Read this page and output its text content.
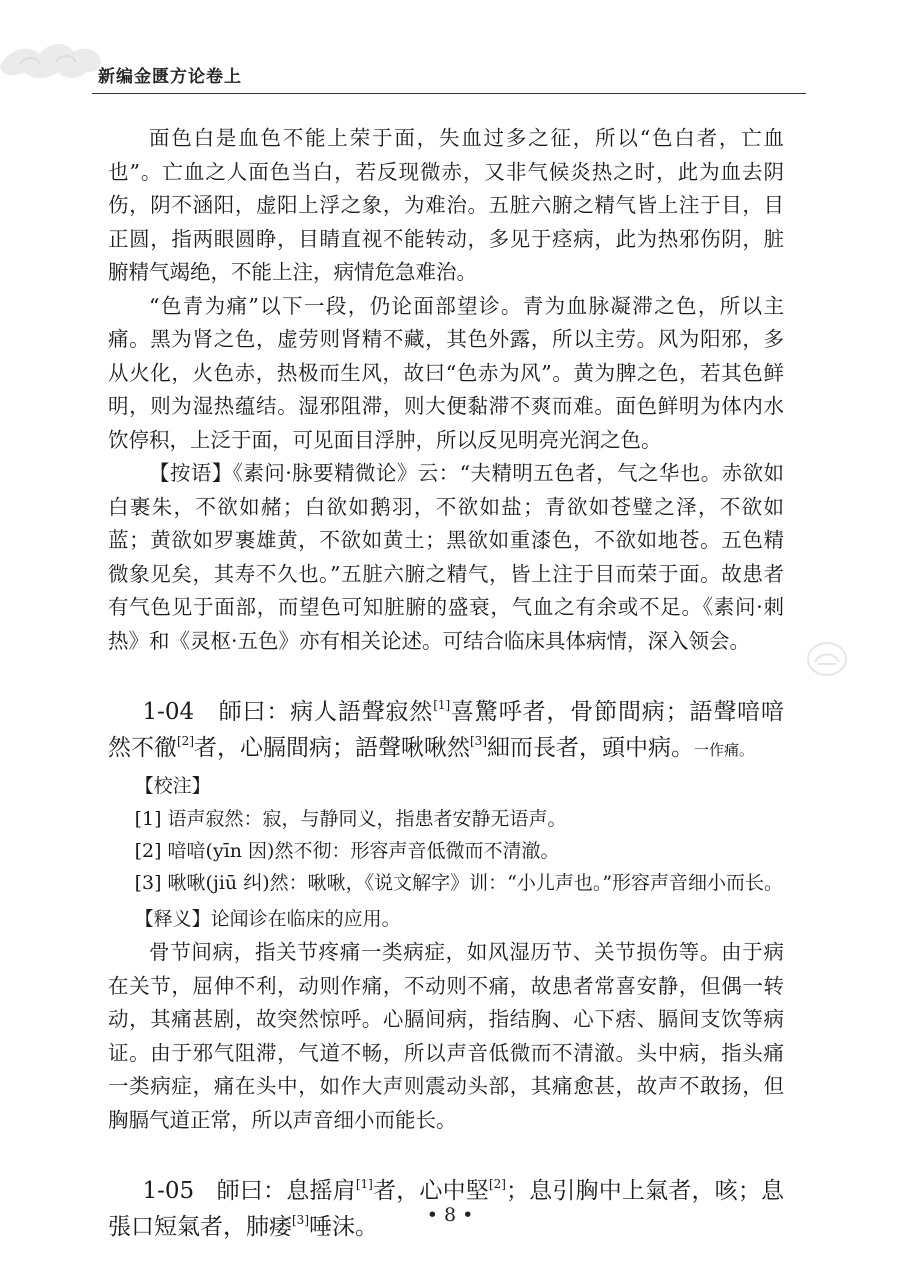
新编金匮方论卷上

面色白是血色不能上荣于面，失血过多之征，所以“色白者，亡血也”。亡血之人面色当白，若反现微赤，又非气候炎热之时，此为血去阴伤，阴不涵阳，虚阳上浮之象，为难治。五脏六腑之精气皆上注于目，目正圆，指两眼圆睁，目睛直视不能转动，多见于痉病，此为热邪伤阴，脏腑精气竭绝，不能上注，病情危急难治。

“色青为痛”以下一段，仍论面部望诊。青为血脉凝滞之色，所以主痛。黑为肾之色，虚劳则肾精不藏，其色外露，所以主劳。风为阳邪，多从火化，火色赤，热极而生风，故曰“色赤为风”。黄为脾之色，若其色鲜明，则为湿热蕴结。湿邪阻滞，则大便黏滞不爽而难。面色鲜明为体内水饮停积，上泛于面，可见面目浮肿，所以反见明亮光润之色。

【按语】《素问·脉要精微论》云：“夫精明五色者，气之华也。赤欲如白裹朱，不欲如赭；白欲如鹅羽，不欲如盐；青欲如苍璧之泽，不欲如蓝；黄欲如罗裹雄黄，不欲如黄土；黑欲如重漆色，不欲如地苍。五色精微象见矣，其寿不久也。”五脏六腑之精气，皆上注于目而荣于面。故患者有气色见于面部，而望色可知脏腑的盛衰，气血之有余或不足。《素问·刺热》和《灵枢·五色》亦有相关论述。可结合临床具体病情，深入领会。

1-04 師曰：病人語聲寂然[1]喜驚呼者，骨節間病；語聲喑喑然不徹[2]者，心膈間病；語聲啾啾然[3]細而長者，頭中病。一作痛。

【校注】

[1] 语声寂然：寂，与静同义，指患者安静无语声。

[2] 喑喑(yīn 因)然不彻：形容声音低微而不清澈。

[3] 啾啾(jiū 纠)然：啾啾，《说文解字》训：“小儿声也。”形容声音细小而长。

【释义】论闻诊在临床的应用。

骨节间病，指关节疼痛一类病症，如风湿历节、关节损伤等。由于病在关节，屈伸不利，动则作痛，不动则不痛，故患者常喜安静，但偶一转动，其痛甚剧，故突然惊呼。心膈间病，指结胸、心下痞、膈间支饮等病证。由于邪气阻滞，气道不畅，所以声音低微而不清澈。头中病，指头痛一类病症，痛在头中，如作大声则震动头部，其痛愈甚，故声不敢扬，但胸膈气道正常，所以声音细小而能长。

1-05 師曰：息摇肩[1]者，心中堅[2]；息引胸中上氣者，咳；息張口短氣者，肺痿[3]唾沫。	• 8 •
